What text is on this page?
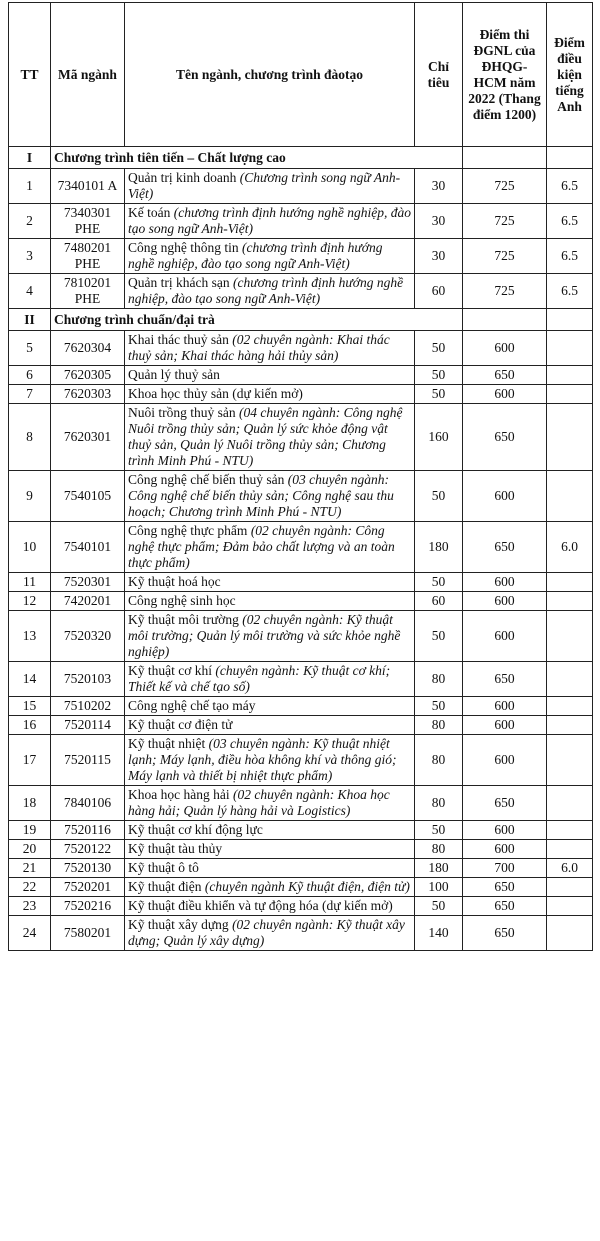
TT	Mã ngành	Tên ngành, chương trình đàotạo	Chỉ tiêu	Điểm thi ĐGNL của ĐHQG-HCM năm 2022 (Thang điểm 1200)	Điểm điều kiện tiếng Anh
I	Chương trình tiên tiến – Chất lượng cao				
1	7340101 A	Quản trị kinh doanh (Chương trình song ngữ Anh-Việt)	30	725	6.5
2	7340301 PHE	Kế toán (chương trình định hướng nghề nghiệp, đào tạo song ngữ Anh-Việt)	30	725	6.5
3	7480201 PHE	Công nghệ thông tin (chương trình định hướng nghề nghiệp, đào tạo song ngữ Anh-Việt)	30	725	6.5
4	7810201 PHE	Quản trị khách sạn (chương trình định hướng nghề nghiệp, đào tạo song ngữ Anh-Việt)	60	725	6.5
II	Chương trình chuẩn/đại trà				
5	7620304	Khai thác thuỷ sản (02 chuyên ngành: Khai thác thuỷ sản; Khai thác hàng hải thủy sản)	50	600	
6	7620305	Quản lý thuỷ sản	50	650	
7	7620303	Khoa học thủy sản (dự kiến mở)	50	600	
8	7620301	Nuôi trồng thuỷ sản (04 chuyên ngành: Công nghệ Nuôi trồng thủy sản; Quản lý sức khỏe động vật thuỷ sản, Quản lý Nuôi trồng thủy sản; Chương trình Minh Phú - NTU)	160	650	
9	7540105	Công nghệ chế biến thuỷ sản (03 chuyên ngành: Công nghệ chế biến thủy sản; Công nghệ sau thu hoạch; Chương trình Minh Phú - NTU)	50	600	
10	7540101	Công nghệ thực phẩm (02 chuyên ngành: Công nghệ thực phẩm; Đảm bảo chất lượng và an toàn thực phẩm)	180	650	6.0
11	7520301	Kỹ thuật hoá học	50	600	
12	7420201	Công nghệ sinh học	60	600	
13	7520320	Kỹ thuật môi trường (02 chuyên ngành: Kỹ thuật môi trường; Quản lý môi trường và sức khỏe nghề nghiệp)	50	600	
14	7520103	Kỹ thuật cơ khí (chuyên ngành: Kỹ thuật cơ khí; Thiết kế và chế tạo số)	80	650	
15	7510202	Công nghệ chế tạo máy	50	600	
16	7520114	Kỹ thuật cơ điện tử	80	600	
17	7520115	Kỹ thuật nhiệt (03 chuyên ngành: Kỹ thuật nhiệt lạnh; Máy lạnh, điều hòa không khí và thông gió; Máy lạnh và thiết bị nhiệt thực phẩm)	80	600	
18	7840106	Khoa học hàng hải (02 chuyên ngành: Khoa học hàng hải; Quản lý hàng hải và Logistics)	80	650	
19	7520116	Kỹ thuật cơ khí động lực	50	600	
20	7520122	Kỹ thuật tàu thủy	80	600	
21	7520130	Kỹ thuật ô tô	180	700	6.0
22	7520201	Kỹ thuật điện (chuyên ngành Kỹ thuật điện, điện tử)	100	650	
23	7520216	Kỹ thuật điều khiển và tự động hóa (dự kiến mở)	50	650	
24	7580201	Kỹ thuật xây dựng (02 chuyên ngành: Kỹ thuật xây dựng; Quản lý xây dựng)	140	650	
